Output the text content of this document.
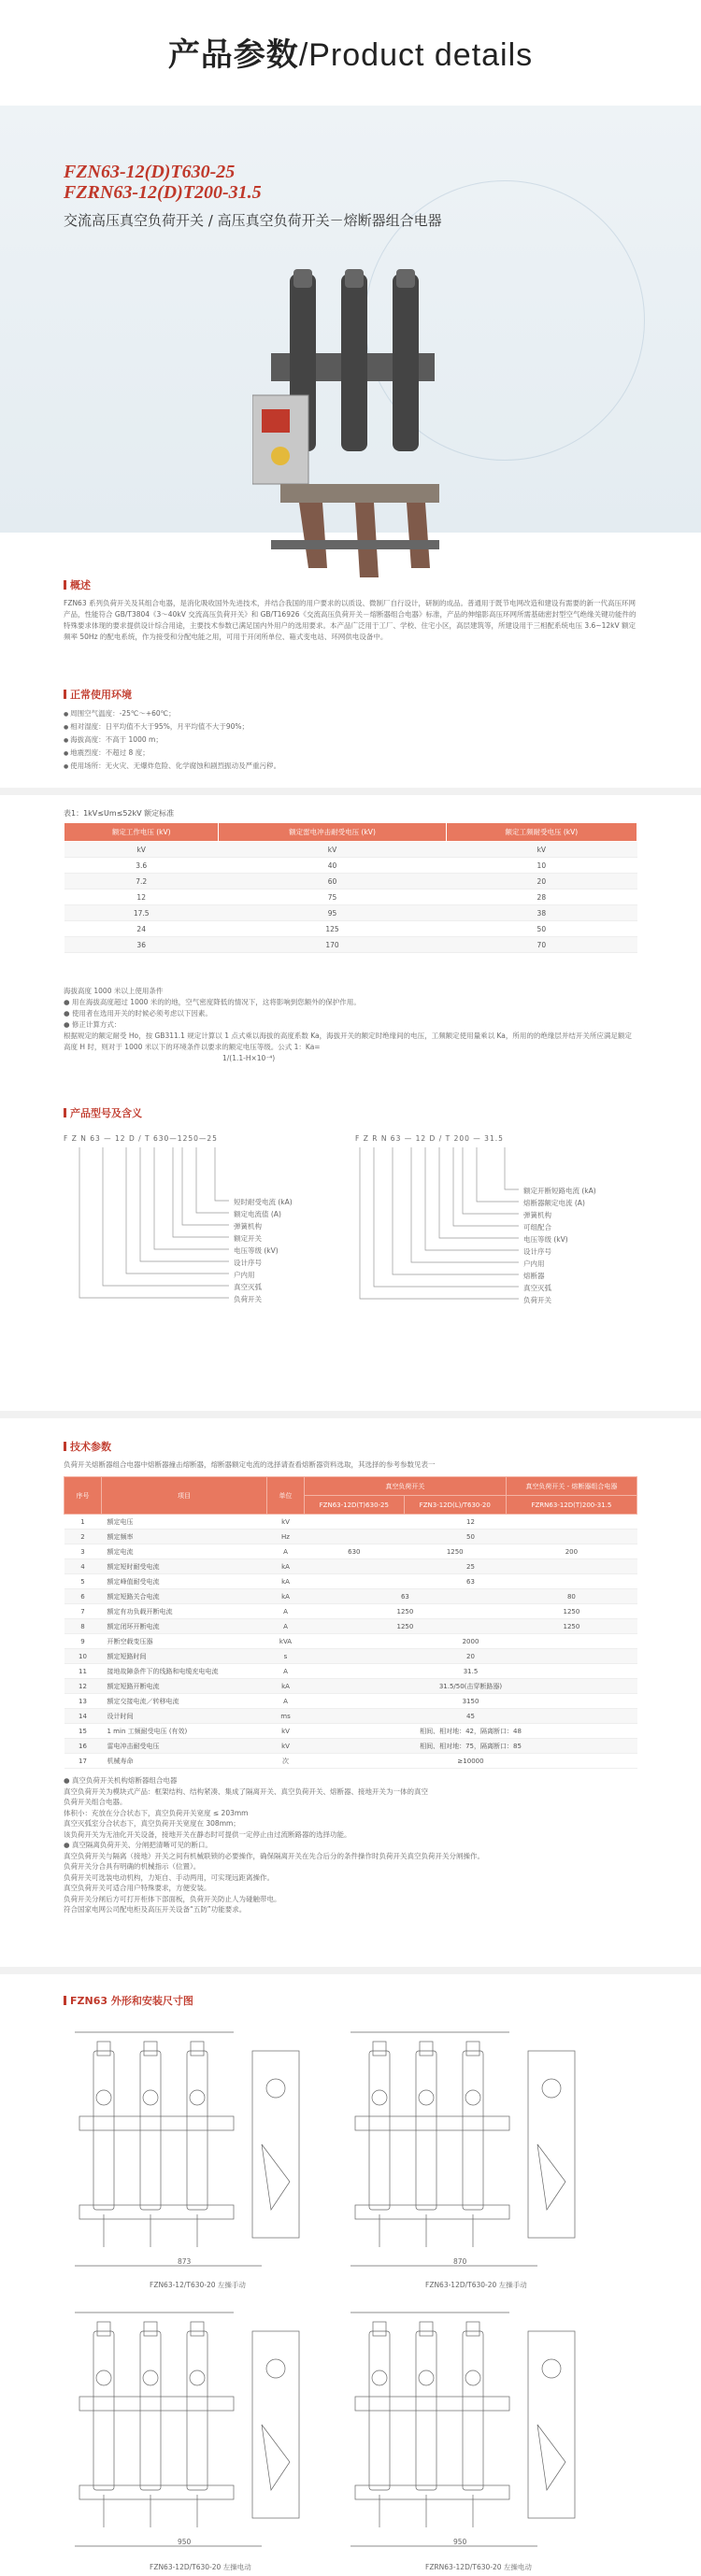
产品参数/Product details
FZN63-12(D)T630-25
FZRN63-12(D)T200-31.5
交流高压真空负荷开关 / 高压真空负荷开关－熔断器组合电器
概述

FZN63 系列负荷开关及其组合电器，是消化吸收国外先进技术，并结合我国的用户要求的以质设、微制厂自行设计，研制的成品。普通用于既节电网改造和建设有需要的新一代高压环网产品，性能符合 GB/T3804《3～40kV 交流高压负荷开关》和 GB/T16926《交流高压负荷开关－熔断器组合电器》标准，产品的伸缩影高压环网所需基础密封型空气绝缘关键功能件的特殊要求体现的要求提供设计综合用途，主要技术参数已满足国内外用户的选用要求。本产品广泛用于工厂、学校、住宅小区，高层建筑等，所建设用于三相配系统电压 3.6~12kV 额定频率 50Hz 的配电系统，作为接受和分配电能之用，可用于开闭所单位、箱式变电站、环网供电设备中。

正常使用环境
● 周围空气温度：-25℃～+60℃；
● 相对湿度：日平均值不大于95%，月平均值不大于90%；
● 海拔高度：不高于 1000 m；
● 地震烈度：不超过 8 度；
● 使用场所：无火灾、无爆炸危险、化学腐蚀和剧烈振动及严重污秽。
表1：1kV≤Um≤52kV 额定标准
额定工作电压 (kV)	额定雷电冲击耐受电压 (kV)	额定工频耐受电压 (kV)
kV	kV	kV
3.6	40	10
7.2	60	20
12	75	28
17.5	95	38
24	125	50
36	170	70

海拔高度 1000 米以上使用条件

● 用在海拔高度超过 1000 米的的地，空气密度降低的情况下，这将影响到您额外的保护作用。

● 使用者在选用开关的时候必须考虑以下因素。

● 修正计算方式：

根据规定的额定耐受 Ho，按 GB311.1 规定计算以 1 点式乘以海拔的高度系数 Ka，海拔开关的额定时绝缘间的电压，工频额定使用量乘以 Ka，所用的的绝缘层并结开关所应满足额定高度 H 时，则对于 1000 米以下的环境条件以要求的额定电压等级。公式 1：Ka=

1/(1.1-H×10⁻⁴)

产品型号及含义
F Z N 63 — 12 D / T 630—1250—25	F Z R N 63 — 12 D / T 200 — 31.5
短时耐受电流 (kA)
额定电流值 (A)
弹簧机构
额定开关
电压等级 (kV)
设计序号
户内用
真空灭弧
负荷开关
额定开断短路电流 (kA)
熔断器额定电流 (A)
弹簧机构
可组配合
电压等级 (kV)
设计序号
户内用
熔断器
真空灭弧
负荷开关
技术参数

负荷开关熔断器组合电器中熔断器撞击熔断器，熔断器额定电流的选择请查看熔断器资料选取，其选择的参考参数见表一

序号	项目	单位	真空负荷开关		真空负荷开关 - 熔断器组合电器
			FZN63-12D(T)630-25	FZN3-12D(L)/T630-20	FZRN63-12D(T)200-31.5
1	额定电压	kV	12		
2	额定频率	Hz	50		
3	额定电流	A	630	1250	200
4	额定短时耐受电流	kA	25		
5	额定峰值耐受电流	kA	63		
6	额定短路关合电流	kA	63		80
7	额定有功负载开断电流	A	1250		1250
8	额定闭环开断电流	A	1250		1250
9	开断空载变压器	kVA	2000		
10	额定短路时间	s	20		
11	接地故障条件下的线路和电缆充电电流	A	31.5		
12	额定短路开断电流	kA	31.5/50(击穿断路器)		
13	额定交接电流／转移电流	A	3150		
14	设计时间	ms	45		
15	1 min 工频耐受电压 (有效)	kV	相间、相对地：42，隔离断口：48		
16	雷电冲击耐受电压	kV	相间、相对地：75，隔离断口：85		
17	机械寿命	次	≥10000		

● 真空负荷开关机构熔断器组合电器

真空负荷开关为模块式产品：框架结构、结构紧凑、集成了隔离开关、真空负荷开关、熔断器、接地开关为一体的真空

负荷开关组合电器。

体积小：充放在分合状态下，真空负荷开关宽度 ≤ 203mm

真空灭弧室分合状态下，真空负荷开关宽度在 308mm；

该负荷开关为无油化开关设备，接地开关在静态时可提供一定停止由过流断路器的选择功能。

● 真空隔离负荷开关、分闸把清晰可见的断口。

真空负荷开关与隔离（接地）开关之间有机械联锁的必要操作，确保隔离开关在先合后分的条件操作时负荷开关真空负荷开关分闸操作。

负荷开关分合具有明确的机械指示（位置）。

负荷开关可选装电动机构，力矩自、手动两用，可实现远距离操作。

真空负荷开关可适合用户特殊要求，方便安装。

负荷开关分闸后方可打开柜体下部面板，负荷开关防止人为碰触带电。

符合国家电网公司配电柜及高压开关设备“五防”功能要求。

FZN63 外形和安装尺寸图
FZN63-12/T630-20 左操手动	FZN63-12D/T630-20 左操手动
FZN63-12D/T630-20 左操电动	FZRN63-12D/T630-20 左操电动
873	870
950	950
